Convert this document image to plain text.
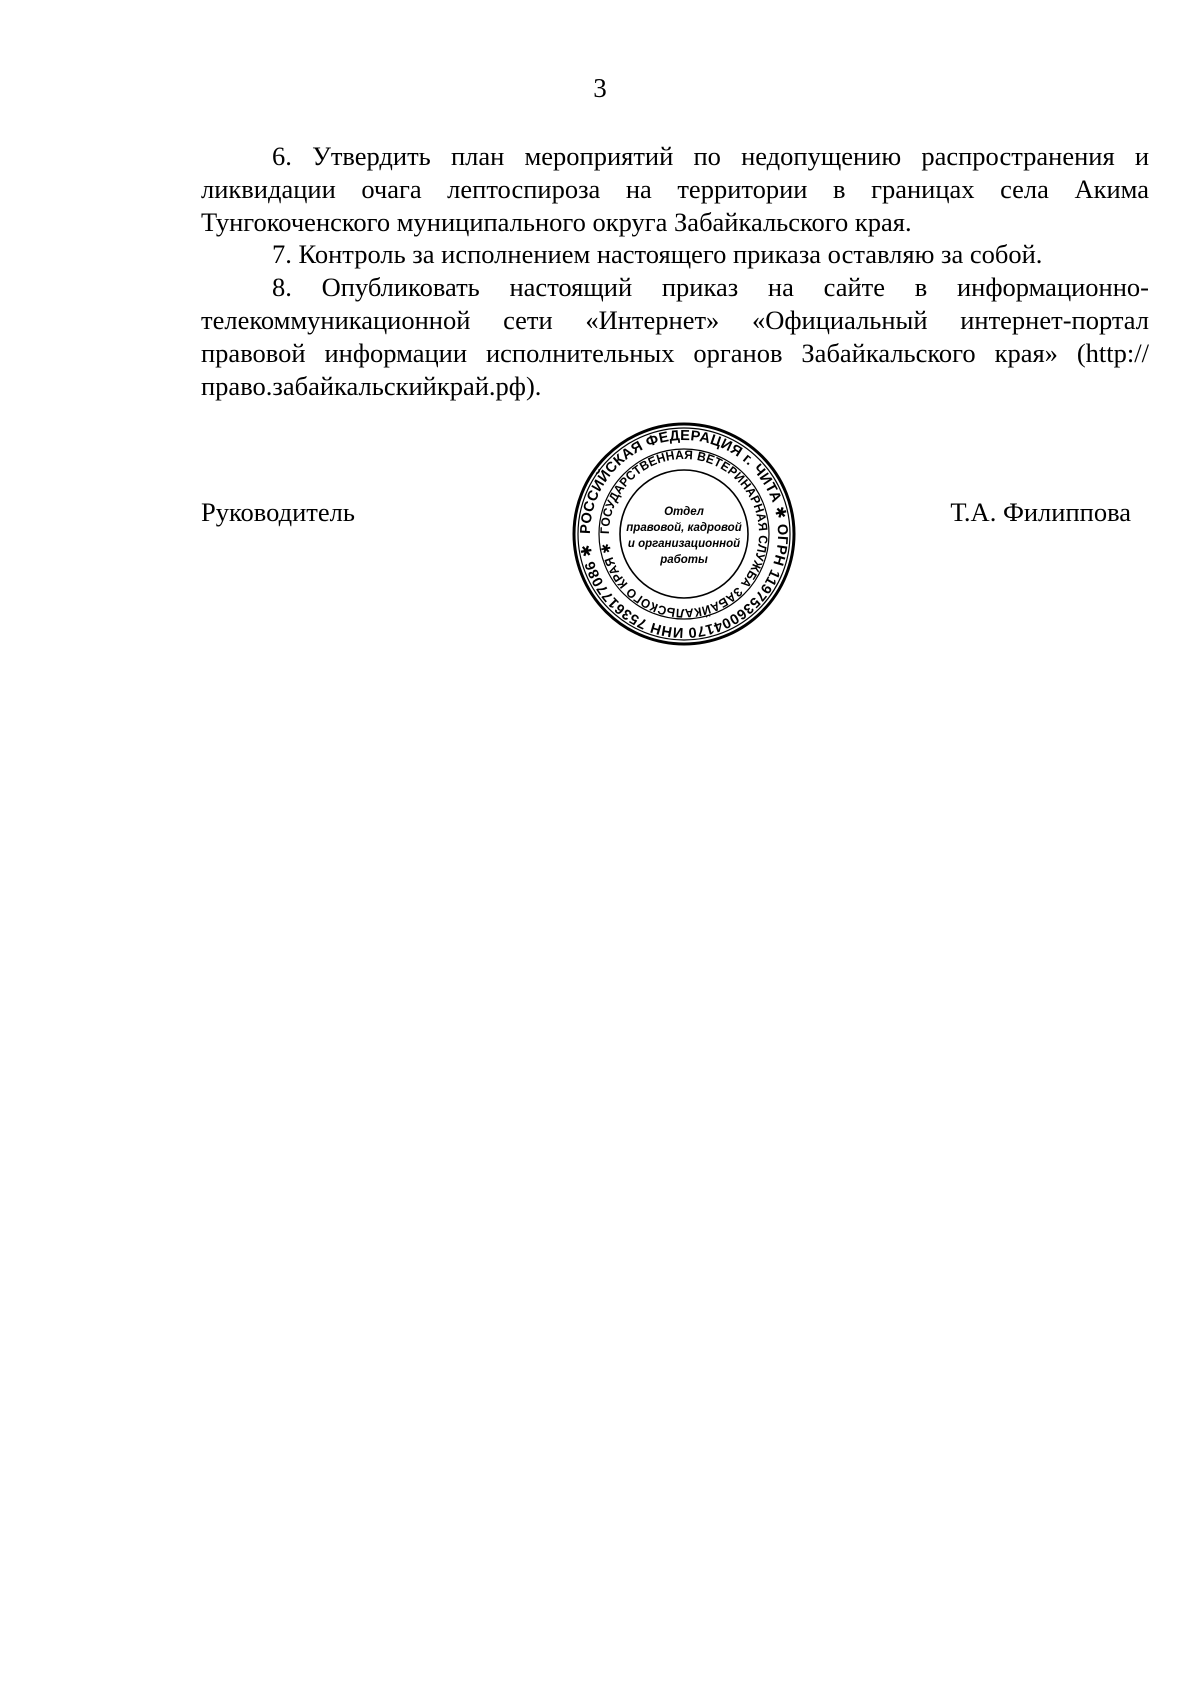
3

6. Утвердить план мероприятий по недопущению распространения и ликвидации очага лептоспироза на территории в границах села Акима Тунгокоченского муниципального округа Забайкальского края.

7. Контроль за исполнением настоящего приказа оставляю за собой.

8. Опубликовать настоящий приказ на сайте в информационно-телекоммуникационной сети «Интернет» «Официальный интернет-портал правовой информации исполнительных органов Забайкальского края» (http://право.забайкальскийкрай.рф).

Руководитель	Т.А. Филиппова
РОССИЙСКАЯ ФЕДЕРАЦИЯ г. ЧИТА ✱ ОГРН 1197536004170 ИНН 7536177086 ✱
ГОСУДАРСТВЕННАЯ ВЕТЕРИНАРНАЯ СЛУЖБА ЗАБАЙКАЛЬСКОГО КРАЯ ✱
Отдел
правовой, кадровой
и организационной
работы
